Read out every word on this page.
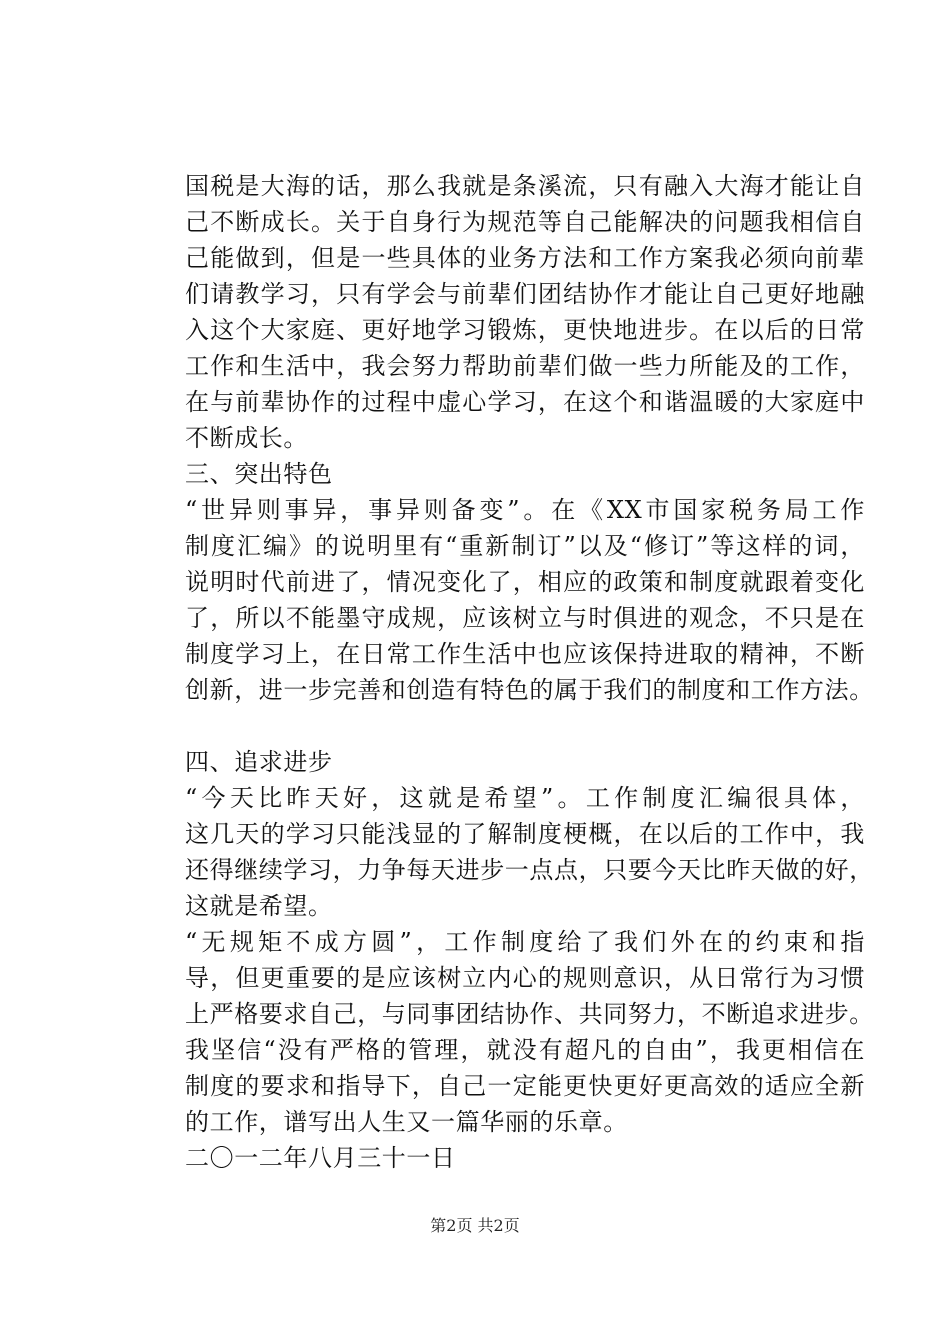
国税是大海的话，那么我就是条溪流，只有融入大海才能让自
己不断成长。关于自身行为规范等自己能解决的问题我相信自
己能做到，但是一些具体的业务方法和工作方案我必须向前辈
们请教学习，只有学会与前辈们团结协作才能让自己更好地融
入这个大家庭、更好地学习锻炼，更快地进步。在以后的日常
工作和生活中，我会努力帮助前辈们做一些力所能及的工作，
在与前辈协作的过程中虚心学习，在这个和谐温暖的大家庭中
不断成长。
三、突出特色
“世异则事异，事异则备变”。在《XX市国家税务局工作
制度汇编》的说明里有“重新制订”以及“修订”等这样的词，
说明时代前进了，情况变化了，相应的政策和制度就跟着变化
了，所以不能墨守成规，应该树立与时俱进的观念，不只是在
制度学习上，在日常工作生活中也应该保持进取的精神，不断
创新，进一步完善和创造有特色的属于我们的制度和工作方法。
四、追求进步
“今天比昨天好，这就是希望”。工作制度汇编很具体，
这几天的学习只能浅显的了解制度梗概，在以后的工作中，我
还得继续学习，力争每天进步一点点，只要今天比昨天做的好，
这就是希望。
“无规矩不成方圆”，工作制度给了我们外在的约束和指
导，但更重要的是应该树立内心的规则意识，从日常行为习惯
上严格要求自己，与同事团结协作、共同努力，不断追求进步。
我坚信“没有严格的管理，就没有超凡的自由”，我更相信在
制度的要求和指导下，自己一定能更快更好更高效的适应全新
的工作，谱写出人生又一篇华丽的乐章。
二〇一二年八月三十一日
第2页 共2页
